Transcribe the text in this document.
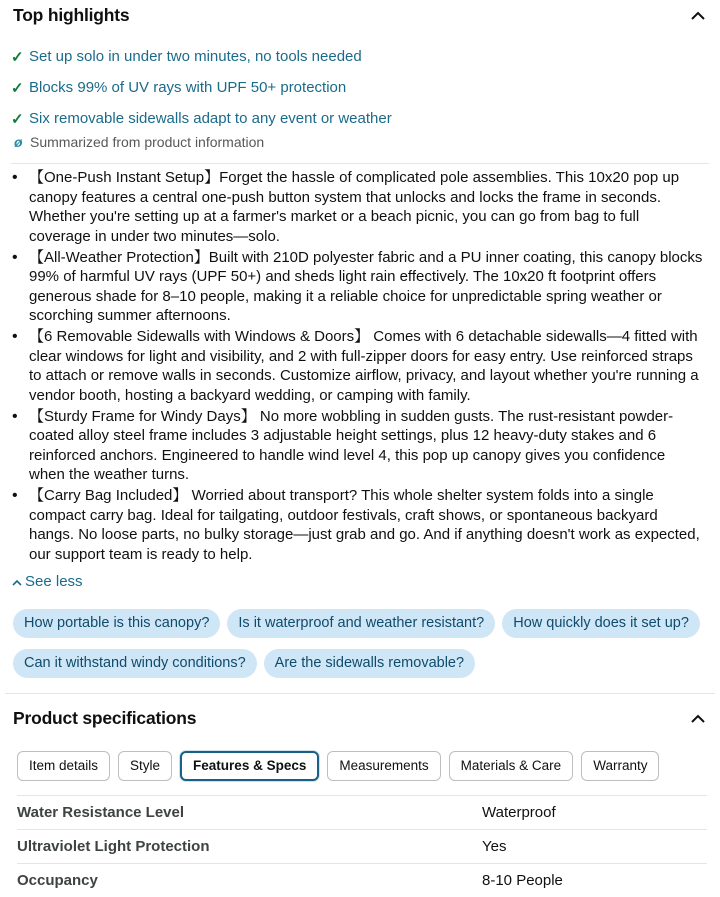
Top highlights
✓ Set up solo in under two minutes, no tools needed
✓ Blocks 99% of UV rays with UPF 50+ protection
✓ Six removable sidewalls adapt to any event or weather
ø Summarized from product information
• 【One-Push Instant Setup】Forget the hassle of complicated pole assemblies. This 10x20 pop up canopy features a central one-push button system that unlocks and locks the frame in seconds. Whether you're setting up at a farmer's market or a beach picnic, you can go from bag to full coverage in under two minutes—solo.
• 【All-Weather Protection】Built with 210D polyester fabric and a PU inner coating, this canopy blocks 99% of harmful UV rays (UPF 50+) and sheds light rain effectively. The 10x20 ft footprint offers generous shade for 8–10 people, making it a reliable choice for unpredictable spring weather or scorching summer afternoons.
• 【6 Removable Sidewalls with Windows & Doors】 Comes with 6 detachable sidewalls—4 fitted with clear windows for light and visibility, and 2 with full-zipper doors for easy entry. Use reinforced straps to attach or remove walls in seconds. Customize airflow, privacy, and layout whether you're running a vendor booth, hosting a backyard wedding, or camping with family.
• 【Sturdy Frame for Windy Days】 No more wobbling in sudden gusts. The rust-resistant powder-coated alloy steel frame includes 3 adjustable height settings, plus 12 heavy-duty stakes and 6 reinforced anchors. Engineered to handle wind level 4, this pop up canopy gives you confidence when the weather turns.
• 【Carry Bag Included】 Worried about transport? This whole shelter system folds into a single compact carry bag. Ideal for tailgating, outdoor festivals, craft shows, or spontaneous backyard hangs. No loose parts, no bulky storage—just grab and go. And if anything doesn't work as expected, our support team is ready to help.
See less
How portable is this canopy?	Is it waterproof and weather resistant?	How quickly does it set up?
Can it withstand windy conditions?	Are the sidewalls removable?
Product specifications
Item details	Style	Features & Specs	Measurements	Materials & Care	Warranty
Water Resistance Level	Waterproof
Ultraviolet Light Protection	Yes
Occupancy	8-10 People
